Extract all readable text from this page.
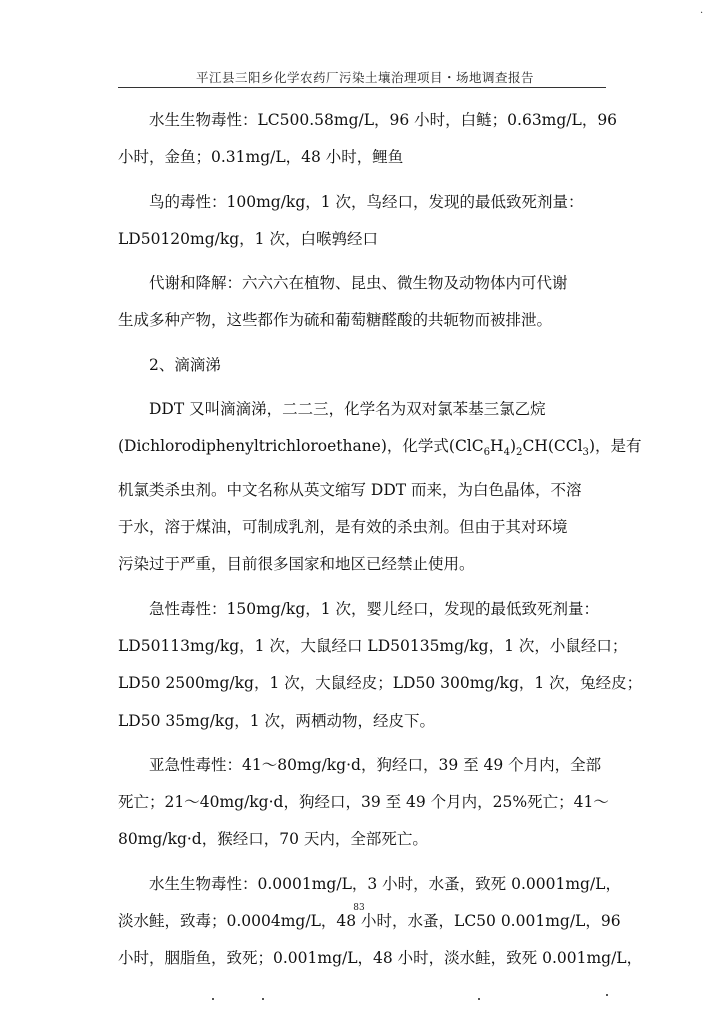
·
平江县三阳乡化学农药厂污染土壤治理项目・场地调查报告

水生生物毒性：LC500.58mg/L，96 小时，白鲢；0.63mg/L，96
小时，金鱼；0.31mg/L，48 小时，鲤鱼

鸟的毒性：100mg/kg，1 次，鸟经口，发现的最低致死剂量：
LD50120mg/kg，1 次，白喉鹑经口

代谢和降解：六六六在植物、昆虫、微生物及动物体内可代谢
生成多种产物，这些都作为硫和葡萄糖醛酸的共轭物而被排泄。

2、滴滴涕

DDT 又叫滴滴涕，二二三，化学名为双对氯苯基三氯乙烷
(Dichlorodiphenyltrichloroethane)，化学式$(ClC_6H_4)_2CH(CCl_3)$，是有
机氯类杀虫剂。中文名称从英文缩写 DDT 而来，为白色晶体，不溶
于水，溶于煤油，可制成乳剂，是有效的杀虫剂。但由于其对环境
污染过于严重，目前很多国家和地区已经禁止使用。

急性毒性：150mg/kg，1 次，婴儿经口，发现的最低致死剂量：
LD50113mg/kg，1 次，大鼠经口 LD50135mg/kg，1 次，小鼠经口；
LD50 2500mg/kg，1 次，大鼠经皮；LD50 300mg/kg，1 次，兔经皮；
LD50 35mg/kg，1 次，两栖动物，经皮下。

亚急性毒性：41～80mg/kg·d，狗经口，39 至 49 个月内，全部
死亡；21～40mg/kg·d，狗经口，39 至 49 个月内，25%死亡；41～
80mg/kg·d，猴经口，70 天内，全部死亡。

水生生物毒性：0.0001mg/L，3 小时，水蚤，致死 0.0001mg/L，
淡水鲑，致毒；0.0004mg/L，48 小时，水蚤，LC50 0.001mg/L，96
小时，胭脂鱼，致死；0.001mg/L，48 小时，淡水鲑，致死 0.001mg/L，

83
